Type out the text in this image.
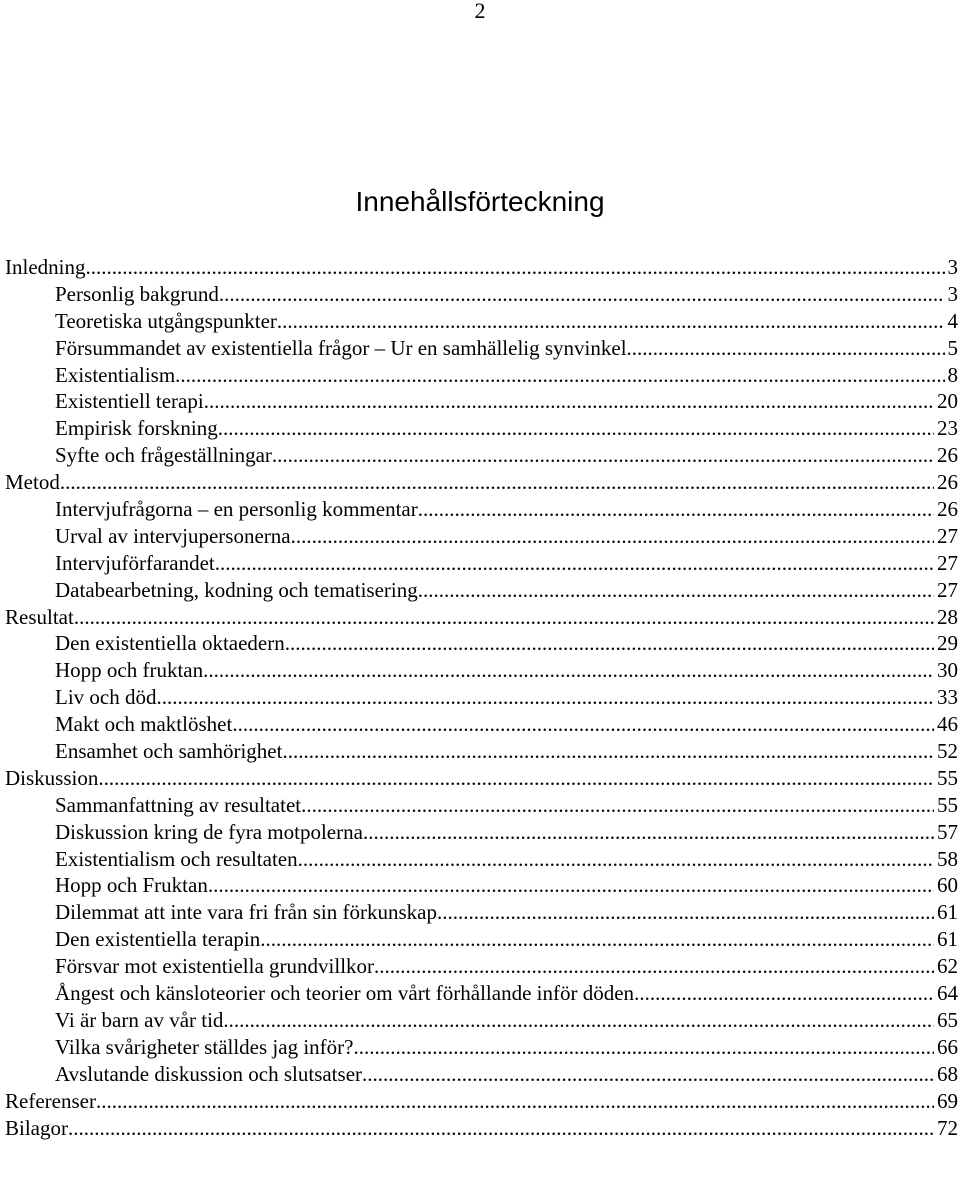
2
Innehållsförteckning
Inledning .....	3
Personlig bakgrund .....	3
Teoretiska utgångspunkter .....	4
Försummandet av existentiella frågor – Ur en samhällelig synvinkel .....	5
Existentialism .....	8
Existentiell terapi .....	20
Empirisk forskning .....	23
Syfte och frågeställningar .....	26
Metod .....	26
Intervjufrågorna – en personlig kommentar .....	26
Urval av intervjupersonerna .....	27
Intervjuförfarandet .....	27
Databearbetning, kodning och tematisering .....	27
Resultat .....	28
Den existentiella oktaedern .....	29
Hopp och fruktan .....	30
Liv och död .....	33
Makt och maktlöshet .....	46
Ensamhet och samhörighet .....	52
Diskussion .....	55
Sammanfattning av resultatet .....	55
Diskussion kring de fyra motpolerna .....	57
Existentialism och resultaten .....	58
Hopp och Fruktan .....	60
Dilemmat att inte vara fri från sin förkunskap .....	61
Den existentiella terapin .....	61
Försvar mot existentiella grundvillkor .....	62
Ångest och känsloteorier och teorier om vårt förhållande inför döden .....	64
Vi är barn av vår tid .....	65
Vilka svårigheter ställdes jag inför? .....	66
Avslutande diskussion och slutsatser .....	68
Referenser .....	69
Bilagor .....	72
